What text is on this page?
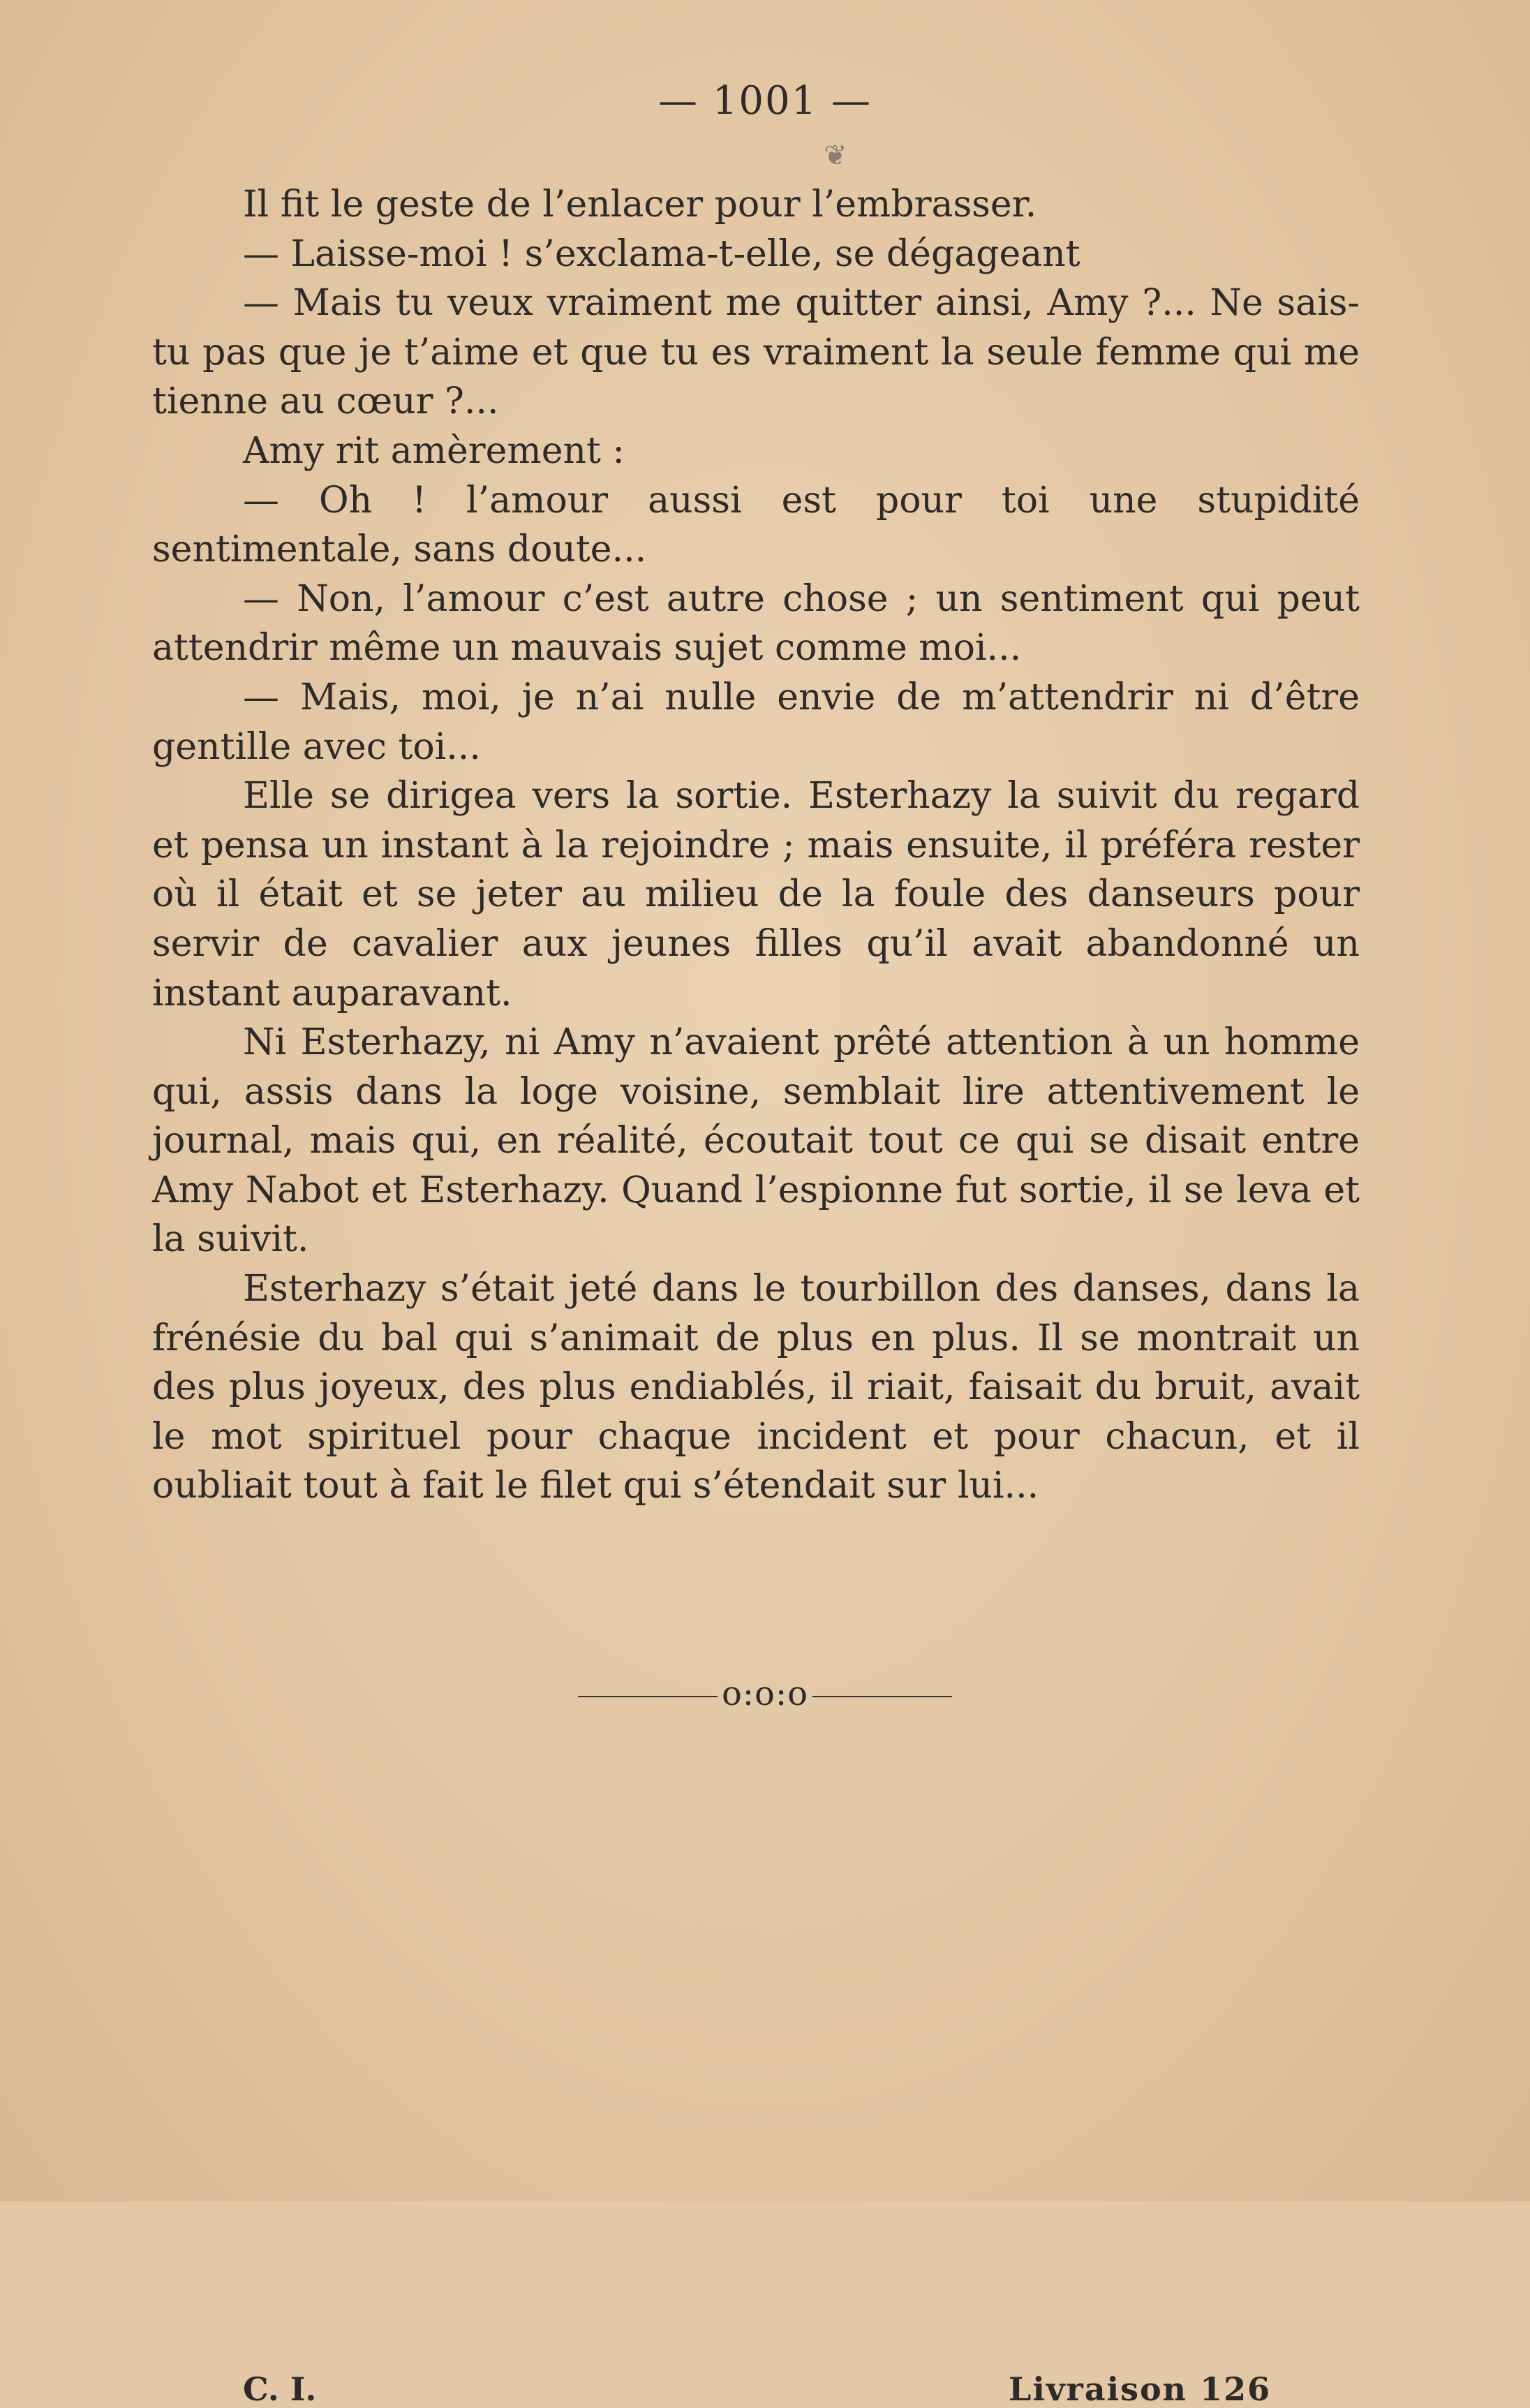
— 1001 —
❦

Il fit le geste de l’enlacer pour l’embrasser.

— Laisse-moi ! s’exclama-t-elle, se dégageant

— Mais tu veux vraiment me quitter ainsi, Amy ?... Ne sais-tu pas que je t’aime et que tu es vraiment la seule femme qui me tienne au cœur ?...

Amy rit amèrement :

— Oh ! l’amour aussi est pour toi une stupidité sentimentale, sans doute...

— Non, l’amour c’est autre chose ; un sentiment qui peut attendrir même un mauvais sujet comme moi...

— Mais, moi, je n’ai nulle envie de m’attendrir ni d’être gentille avec toi...

Elle se dirigea vers la sortie. Esterhazy la suivit du regard et pensa un instant à la rejoindre ; mais ensuite, il préféra rester où il était et se jeter au milieu de la foule des danseurs pour servir de cavalier aux jeunes filles qu’il avait abandonné un instant auparavant.

Ni Esterhazy, ni Amy n’avaient prêté attention à un homme qui, assis dans la loge voisine, semblait lire attentivement le journal, mais qui, en réalité, écoutait tout ce qui se disait entre Amy Nabot et Esterhazy. Quand l’espionne fut sortie, il se leva et la suivit.

Esterhazy s’était jeté dans le tourbillon des danses, dans la frénésie du bal qui s’animait de plus en plus. Il se montrait un des plus joyeux, des plus endiablés, il riait, faisait du bruit, avait le mot spirituel pour chaque incident et pour chacun, et il oubliait tout à fait le filet qui s’étendait sur lui...

o:o:o
C. I.	Livraison 126
